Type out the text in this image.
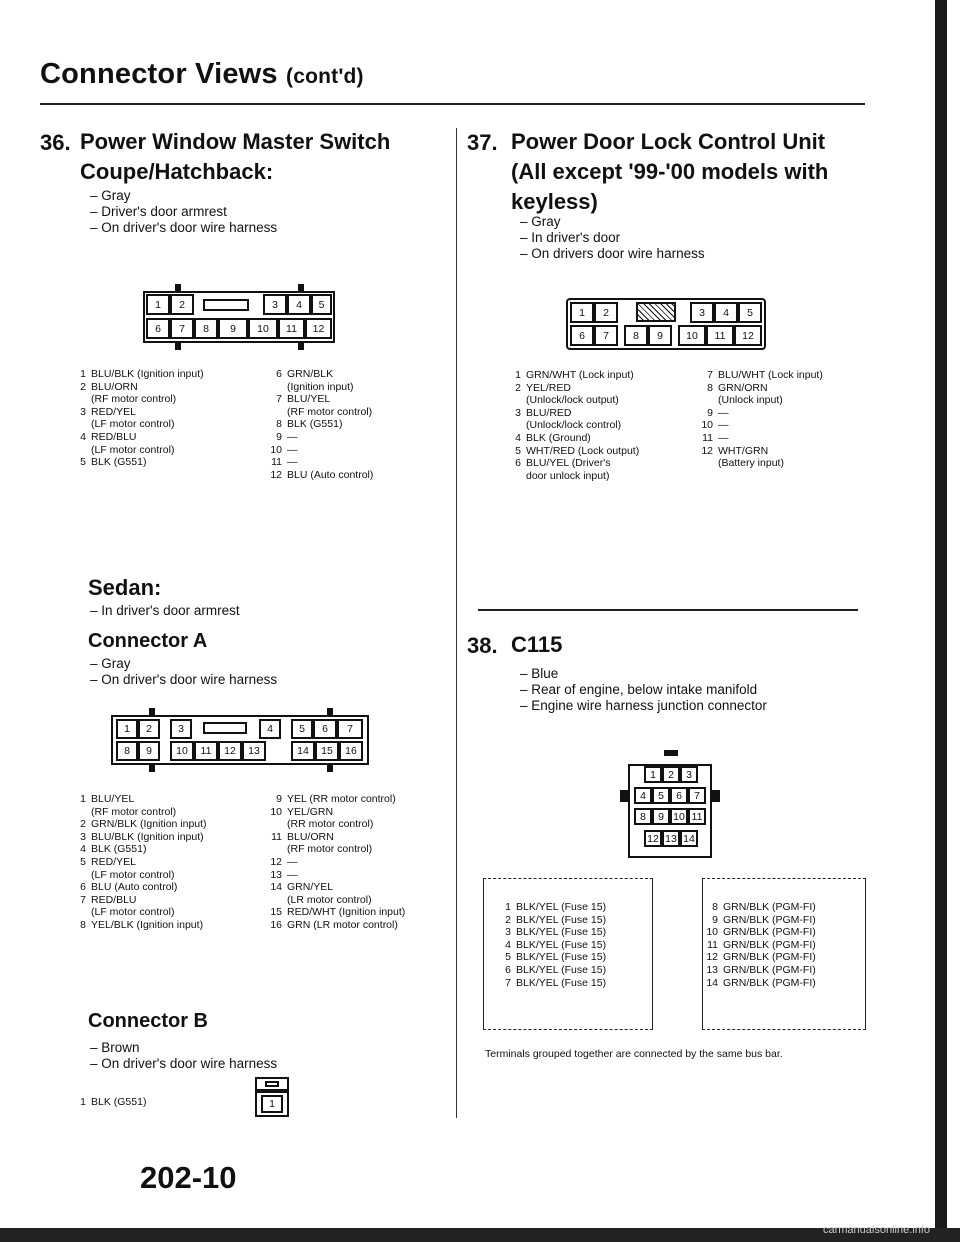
Connector Views (cont'd)
36. Power Window Master Switch
Coupe/Hatchback:
– Gray
– Driver's door armrest
– On driver's door wire harness
1	2	3	4	5
6	7	8	9	10	11	12
1 BLU/BLK (Ignition input)
2 BLU/ORN
(RF motor control)
3 RED/YEL
(LF motor control)
4 RED/BLU
(LF motor control)
5 BLK (G551)
6 GRN/BLK
(Ignition input)
7 BLU/YEL
(RF motor control)
8 BLK (G551)
9 —
10 —
11 —
12 BLU (Auto control)
Sedan:
– In driver's door armrest
Connector A
– Gray
– On driver's door wire harness
1	2	3	4	5	6	7
8	9	10	11	12	13	14	15	16
1 BLU/YEL
(RF motor control)
2 GRN/BLK (Ignition input)
3 BLU/BLK (Ignition input)
4 BLK (G551)
5 RED/YEL
(LF motor control)
6 BLU (Auto control)
7 RED/BLU
(LF motor control)
8 YEL/BLK (Ignition input)
9 YEL (RR motor control)
10 YEL/GRN
(RR motor control)
11 BLU/ORN
(RF motor control)
12 —
13 —
14 GRN/YEL
(LR motor control)
15 RED/WHT (Ignition input)
16 GRN (LR motor control)
Connector B
– Brown
– On driver's door wire harness
1 BLK (G551)	1
37. Power Door Lock Control Unit
(All except '99-'00 models with
keyless)
– Gray
– In driver's door
– On drivers door wire harness
1	2	3	4	5
6	7	8	9	10	11	12
1 GRN/WHT (Lock input)
2 YEL/RED
(Unlock/lock output)
3 BLU/RED
(Unlock/lock control)
4 BLK (Ground)
5 WHT/RED (Lock output)
6 BLU/YEL (Driver's
door unlock input)
7 BLU/WHT (Lock input)
8 GRN/ORN
(Unlock input)
9 —
10 —
11 —
12 WHT/GRN
(Battery input)
38. C115
– Blue
– Rear of engine, below intake manifold
– Engine wire harness junction connector
1	2	3
4	5	6	7
8	9 10 11
12 13 14
1 BLK/YEL (Fuse 15)
2 BLK/YEL (Fuse 15)
3 BLK/YEL (Fuse 15)
4 BLK/YEL (Fuse 15)
5 BLK/YEL (Fuse 15)
6 BLK/YEL (Fuse 15)
7 BLK/YEL (Fuse 15)
8 GRN/BLK (PGM-FI)
9 GRN/BLK (PGM-FI)
10 GRN/BLK (PGM-FI)
11 GRN/BLK (PGM-FI)
12 GRN/BLK (PGM-FI)
13 GRN/BLK (PGM-FI)
14 GRN/BLK (PGM-FI)
Terminals grouped together are connected by the same bus bar.
202-10
carmanualsonline.info
